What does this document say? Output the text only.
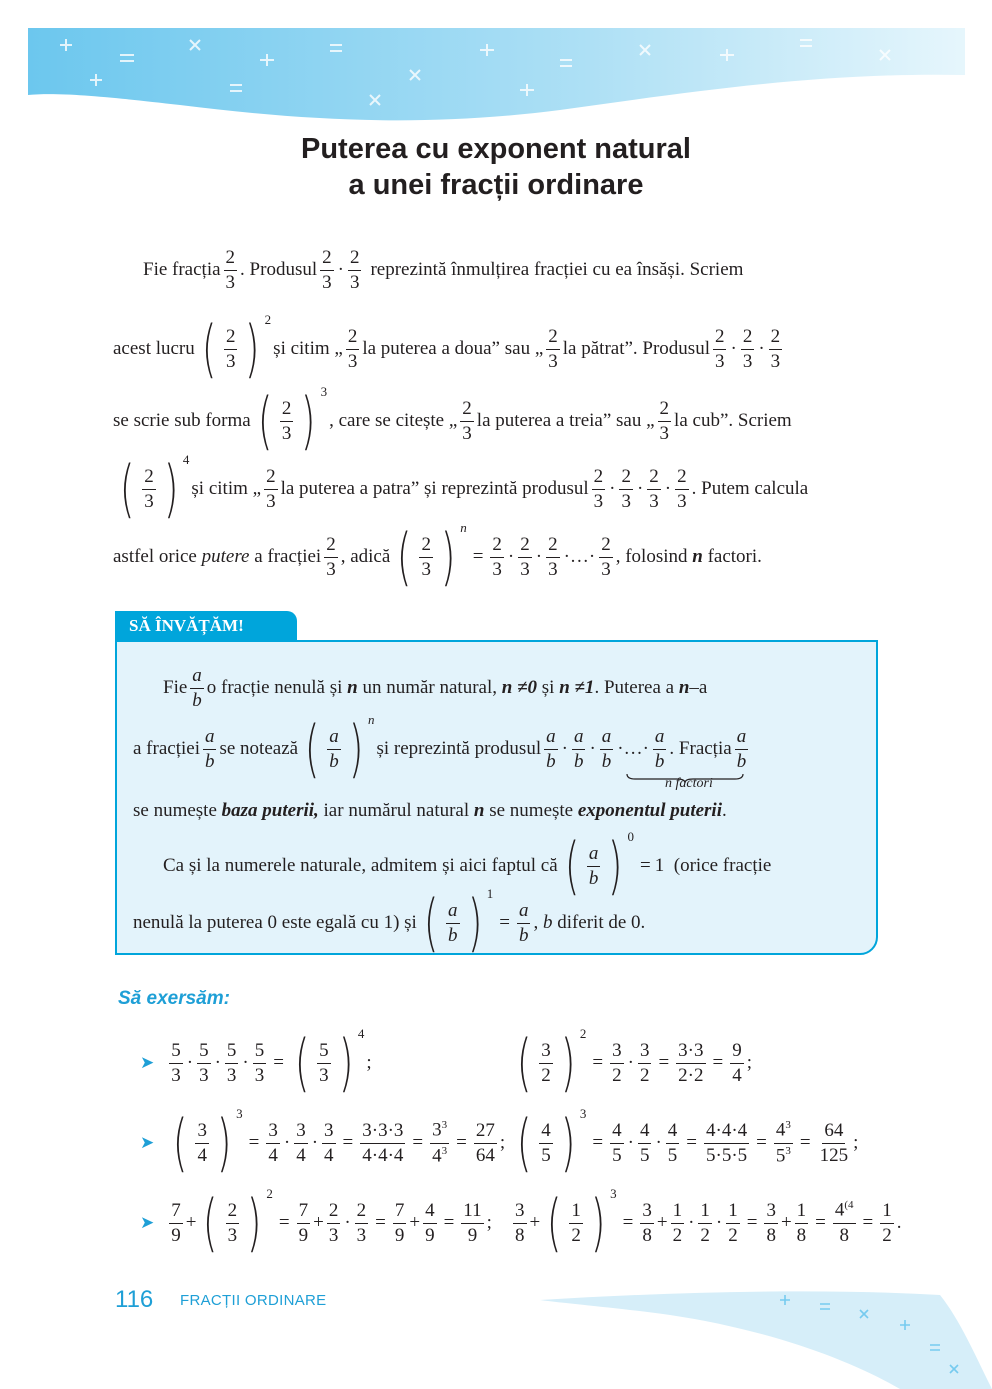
Puterea cu exponent natural
a unei fracții ordinare
Fie fracția $\frac{2}{3}$ . Produsul $\frac{2}{3} \cdot \frac{2}{3}$ reprezintă înmulțirea fracției cu ea însăși. Scriem
acest lucru ( $\frac{2}{3}$ ) $^2$
și citim „ $\frac{2}{3}$ la puterea a doua” sau „ $\frac{2}{3}$ la pătrat”. Produsul $\frac{2}{3} \cdot \frac{2}{3} \cdot \frac{2}{3}$
se scrie sub forma ( $\frac{2}{3}$ ) $^3$
, care se citește „ $\frac{2}{3}$ la puterea a treia” sau „ $\frac{2}{3}$ la cub”. Scriem
( $\frac{2}{3}$ ) $^4$
și citim „ $\frac{2}{3}$ la puterea a patra” și reprezintă produsul $\frac{2}{3} \cdot \frac{2}{3} \cdot \frac{2}{3} \cdot \frac{2}{3}$ . Putem calcula
astfel orice
putere
a fracției $\frac{2}{3}$ , adică ( $\frac{2}{3}$ ) $^n$
= $\frac{2}{3} \cdot \frac{2}{3} \cdot \frac{2}{3}$ ·…· $\frac{2}{3}$ , folosind
n
factori.
SĂ ÎNVĂȚĂM!
Fie $\frac{a}{b}$ o fracție nenulă și
n
un număr natural,
n ≠0
și
n ≠1 . Puterea a
n –a
a fracției $\frac{a}{b}$ se notează ( $\frac{a}{b}$ ) $^n$
și reprezintă produsul $\frac{a}{b} \cdot \frac{a}{b} \cdot \frac{a}{b}$ ·…· $\frac{a}{b}$ . Fracția $\frac{a}{b}$
n factori
se numește
baza puterii,
iar numărul natural
n
se numește
exponentul puterii .
Ca și la numerele naturale, admitem și aici faptul că ( $\frac{a}{b}$ ) $^0$
= 1
(orice fracție
nenulă la puterea 0 este egală cu 1) și ( $\frac{a}{b}$ ) $^1$
= $\frac{a}{b}$ ,
b
diferit de 0.
Să exersăm:
➤ $\frac{5}{3} \cdot \frac{5}{3} \cdot \frac{5}{3} \cdot \frac{5}{3}$ = ( $\frac{5}{3}$ ) $^4$
; ( $\frac{3}{2}$ ) $^2$
= $\frac{3}{2} \cdot \frac{3}{2} = \frac{3\cdot 3}{2\cdot 2} = \frac{9}{4}$ ;
➤ ( $\frac{3}{4}$ ) $^3$
= $\frac{3}{4} \cdot \frac{3}{4} \cdot \frac{3}{4} = \frac{3\cdot 3\cdot 3}{4\cdot 4\cdot 4} = \frac{3^3}{4^3} = \frac{27}{64}$ ; ( $\frac{4}{5}$ ) $^3$
= $\frac{4}{5} \cdot \frac{4}{5} \cdot \frac{4}{5} = \frac{4\cdot 4\cdot 4}{5\cdot 5\cdot 5} = \frac{4^3}{5^3} = \frac{64}{125}$ ;
➤ $\frac{7}{9}$ + ( $\frac{2}{3}$ ) $^2$
= $\frac{7}{9} + \frac{2}{3} \cdot \frac{2}{3} = \frac{7}{9} + \frac{4}{9} = \frac{11}{9}$ ; $\frac{3}{8}$ + ( $\frac{1}{2}$ ) $^3$
= $\frac{3}{8} + \frac{1}{2} \cdot \frac{1}{2} \cdot \frac{1}{2} = \frac{3}{8} + \frac{1}{8} = \frac{4^{(4}}{8} = \frac{1}{2}$ .
116 FRACȚII ORDINARE
